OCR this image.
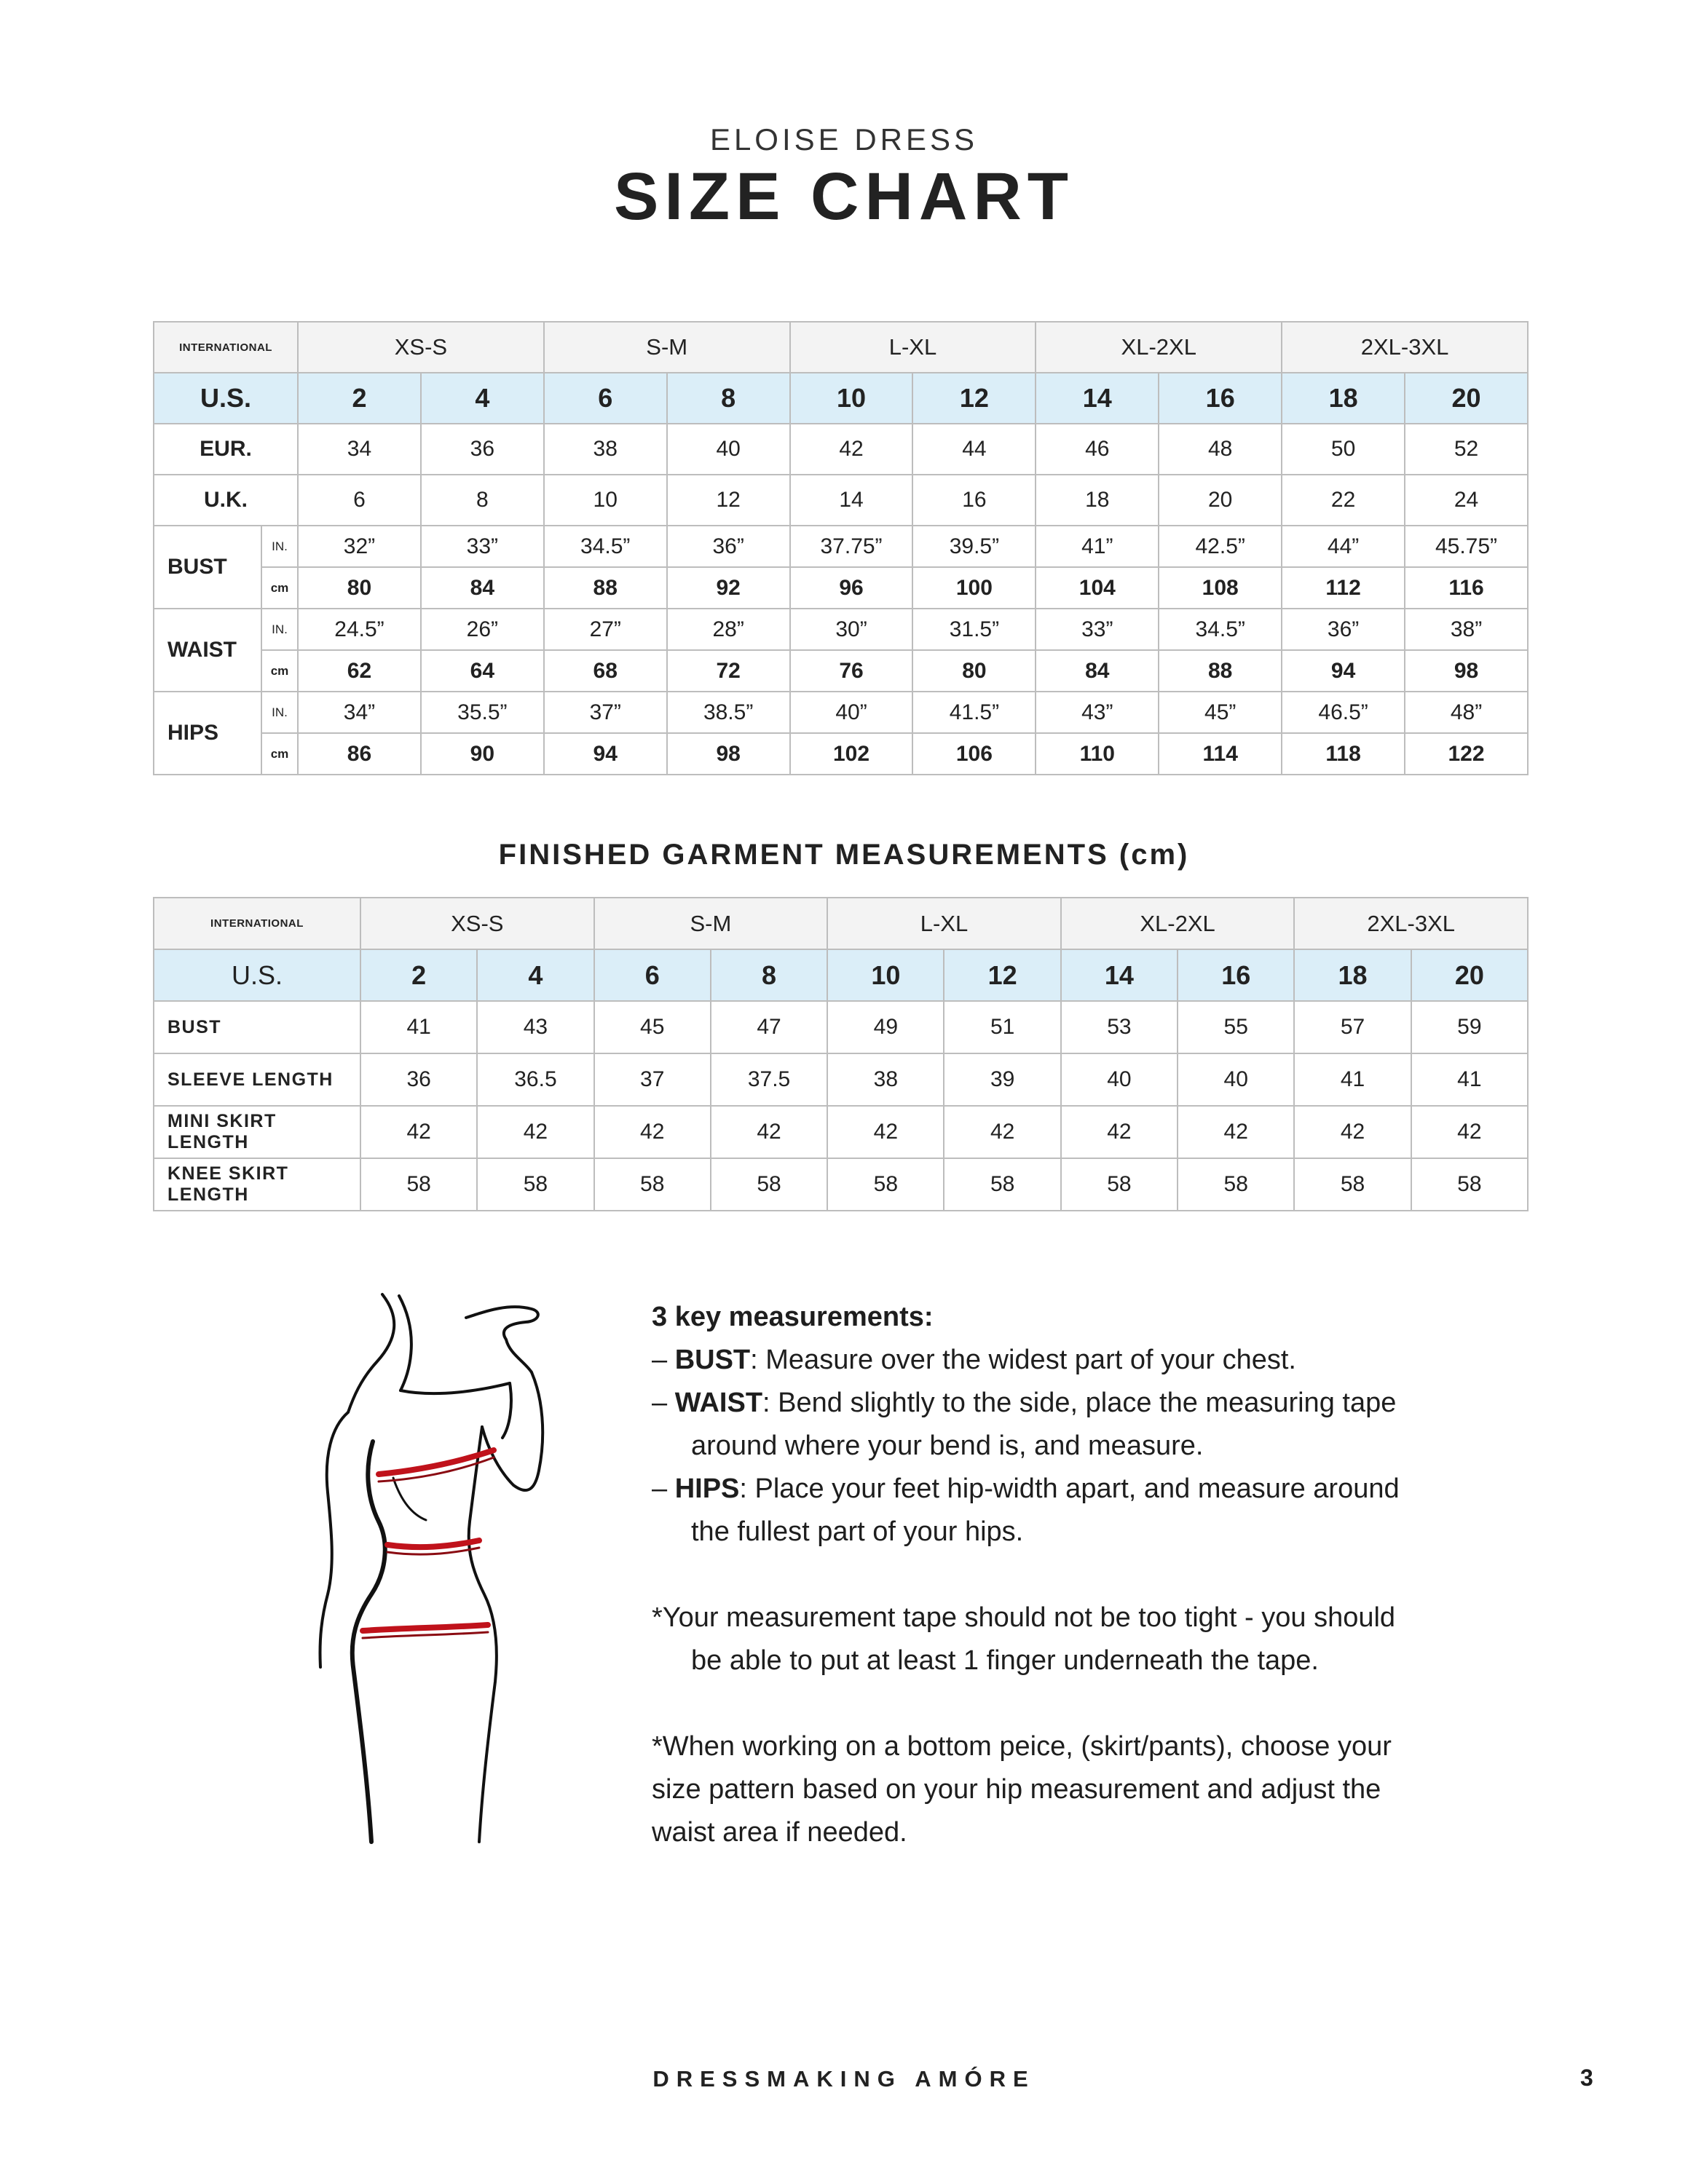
ELOISE DRESS
SIZE CHART
INTERNATIONAL		XS-S		S-M		L-XL		XL-2XL		2XL-3XL	
U.S.		2	4	6	8	10	12	14	16	18	20
EUR.		34	36	38	40	42	44	46	48	50	52
U.K.		6	8	10	12	14	16	18	20	22	24
BUST	IN.	32”	33”	34.5”	36”	37.75”	39.5”	41”	42.5”	44”	45.75”
	cm	80	84	88	92	96	100	104	108	112	116
WAIST	IN.	24.5”	26”	27”	28”	30”	31.5”	33”	34.5”	36”	38”
	cm	62	64	68	72	76	80	84	88	94	98
HIPS	IN.	34”	35.5”	37”	38.5”	40”	41.5”	43”	45”	46.5”	48”
	cm	86	90	94	98	102	106	110	114	118	122
FINISHED GARMENT MEASUREMENTS (cm)
INTERNATIONAL	XS-S		S-M		L-XL		XL-2XL		2XL-3XL	
U.S.	2	4	6	8	10	12	14	16	18	20
BUST	41	43	45	47	49	51	53	55	57	59
SLEEVE LENGTH	36	36.5	37	37.5	38	39	40	40	41	41
MINI SKIRT LENGTH	42	42	42	42	42	42	42	42	42	42
KNEE SKIRT LENGTH	58	58	58	58	58	58	58	58	58	58

3 key measurements:

– BUST: Measure over the widest part of your chest.

– WAIST: Bend slightly to the side, place the measuring tape

around where your bend is, and measure.

– HIPS: Place your feet hip-width apart, and measure around

the fullest part of your hips.

*Your measurement tape should not be too tight - you should

be able to put at least 1 finger underneath the tape.

*When working on a bottom peice, (skirt/pants), choose your

size pattern based on your hip measurement and adjust the

waist area if needed.

DRESSMAKING AMÓRE	3
